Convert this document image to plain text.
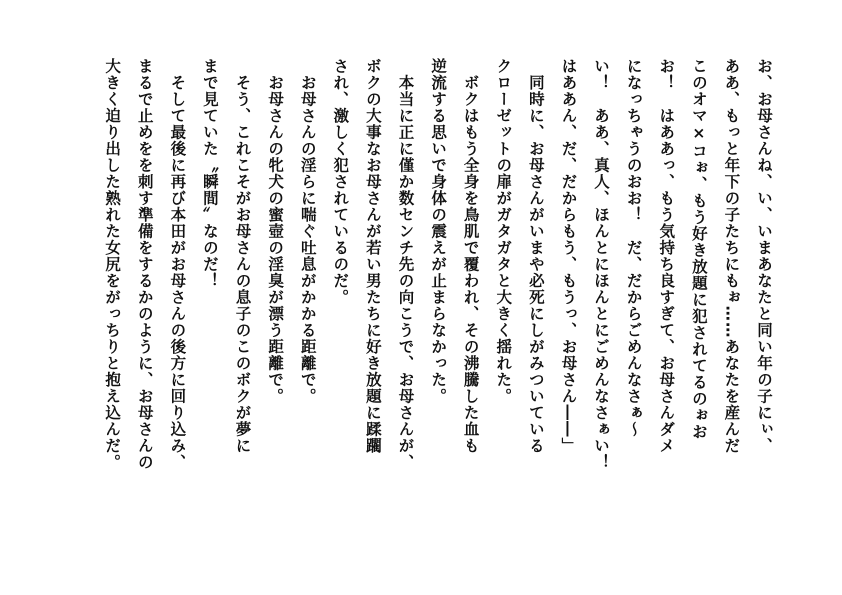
お、お母さんね、い、いまあなたと同い年の子にぃ、
ああ、もっと年下の子たちにもぉ……あなたを産んだ
このオマ×コぉ、もう好き放題に犯されてるのぉお
お！　はああっ、もう気持ち良すぎて、お母さんダメ
になっちゃうのおお！　だ、だからごめんなさぁ〜
い！　ああ、真人、ほんとにほんとにごめんなさぁい！
はああん、だ、だからもう、もうっ、お母さん――」
　同時に、お母さんがいまや必死にしがみついている
クローゼットの扉がガタガタと大きく揺れた。
　ボクはもう全身を鳥肌で覆われ、その沸騰した血も
逆流する思いで身体の震えが止まらなかった。
　本当に正に僅か数センチ先の向こうで、お母さんが、
ボクの大事なお母さんが若い男たちに好き放題に蹂躙
され、激しく犯されているのだ。
　お母さんの淫らに喘ぐ吐息がかかる距離で。
　お母さんの牝犬の蜜壺の淫臭が漂う距離で。
　そう、これこそがお母さんの息子のこのボクが夢に
まで見ていた〝瞬間〟なのだ！
　そして最後に再び本田がお母さんの後方に回り込み、
まるで止めをを刺す準備をするかのように、お母さんの
大きく迫り出した熟れた女尻をがっちりと抱え込んだ。
